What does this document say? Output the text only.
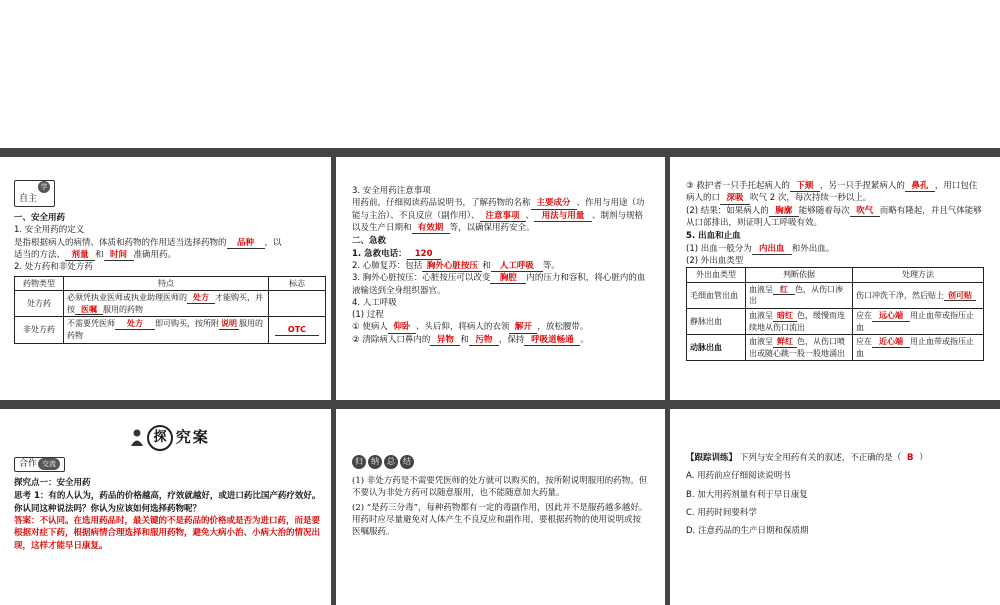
自主学习
一、安全用药
1. 安全用药的定义
是指根据病人的病情、体质和药物的作用适当选择药物的 品种 ，以
适当的方法、 剂量 和 时间 准确用药。
2. 处方药和非处方药
药物类型	特点	标志
处方药	必须凭执业医师或执业助理医师的 处方 才能购买，并按 医嘱 服用的药物	
非处方药	不需要凭医师 处方 即可购买，按所附 说明 服用的药物	OTC
3. 安全用药注意事项
用药前，仔细阅读药品说明书，了解药物的名称 主要成分 、作用与用途（功能与主治）、不良反应（副作用）、 注意事项 、 用法与用量 、制剂与规格以及生产日期和 有效期 等，以确保用药安全。
二、急救
1. 急救电话： 120
2. 心肺复苏：包括 胸外心脏按压 和 人工呼吸 等。
3. 胸外心脏按压：心脏按压可以改变 胸腔 内的压力和容积，将心脏内的血液输送到全身组织器官。
4. 人工呼吸
(1) 过程
① 使病人 仰卧 、头后仰，将病人的衣领 解开 ，放松腰带。
② 清除病人口鼻内的 异物 和 污物 ，保持 呼吸道畅通 。
③ 救护者一只手托起病人的 下颏 ，另一只手捏紧病人的 鼻孔 ，用口包住病人的口 深吸 吹气 2 次，每次持续一秒以上。
(2) 结果：如果病人的 胸廓 能够随着每次 吹气 而略有隆起，并且气体能够从口部排出，则证明人工呼吸有效。
5. 出血和止血
(1) 出血一般分为 内出血 和外出血。
(2) 外出血类型
外出血类型	判断依据	处理方法
毛细血管出血	血液呈 红 色，从伤口渗出	伤口冲洗干净，然后贴上 创可贴
静脉出血	血液呈 暗红 色，缓慢而连续地从伤口流出	应在 远心端 用止血带或指压止血
动脉出血	血液呈 鲜红 色，从伤口喷出或随心跳一股一股地涌出	应在 近心端 用止血带或指压止血
探 究案
合作 交流
探究点一：安全用药
思考 1：有的人认为，药品的价格越高，疗效就越好，或进口药比国产药疗效好。你认同这种说法吗？你认为应该如何选择药物呢？
答案：不认同。在选用药品时，最关键的不是药品的价格或是否为进口药，而是要根据对症下药，根据病情合理选择和服用药物，避免大病小治、小病大治的情况出现，这样才能早日康复。
归 纳 总 结
(1) 非处方药是不需要凭医师的处方就可以购买的，按所附说明服用的药物。但不要认为非处方药可以随意服用，也不能随意加大药量。
(2) “是药三分毒”，每种药物都有一定的毒副作用，因此并不是服药越多越好。用药时应尽量避免对人体产生不良反应和副作用，要根据药物的使用说明或按医嘱服药。
【跟踪训练】 下列与安全用药有关的叙述，不正确的是（ B ）
A. 用药前应仔细阅读说明书
B. 加大用药剂量有利于早日康复
C. 用药时间要科学
D. 注意药品的生产日期和保质期
